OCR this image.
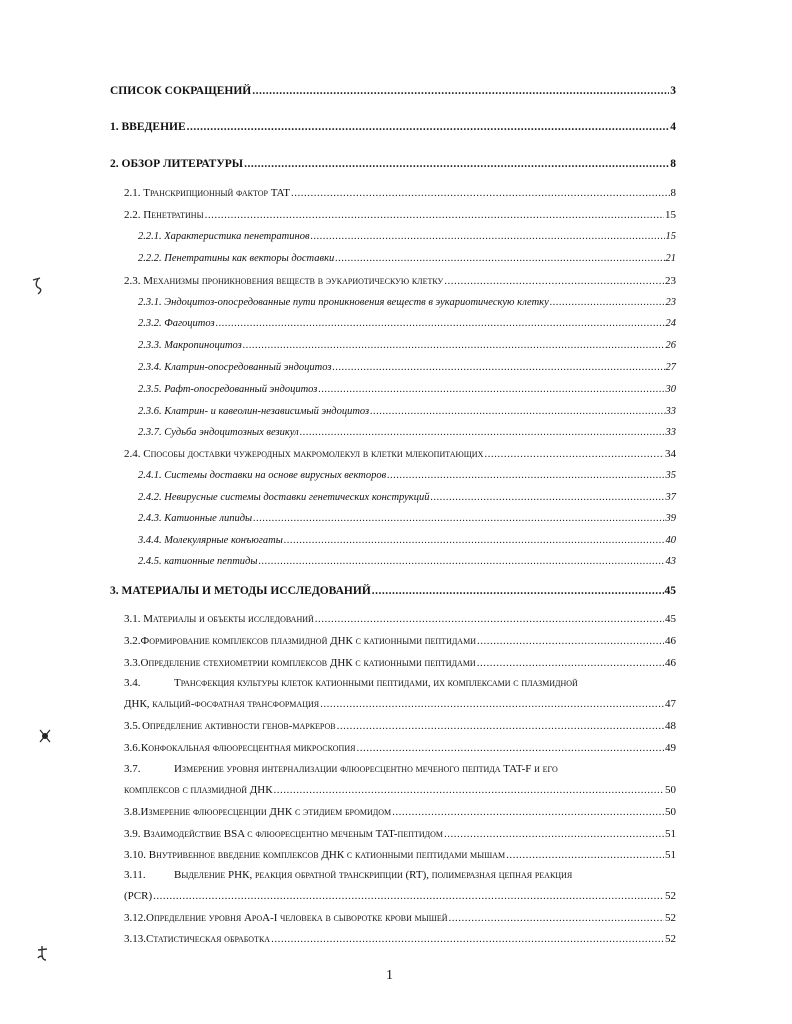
СПИСОК СОКРАЩЕНИЙ .....	3
1. ВВЕДЕНИЕ .....	4
2. ОБЗОР ЛИТЕРАТУРЫ .....	8
2.1. Транскрипционный фактор TAT .....	8
2.2. Пенетратины .....	15
2.2.1. Характеристика пенетратинов .....	15
2.2.2. Пенетратины как векторы доставки .....	21
2.3. Механизмы проникновения веществ в эукариотическую клетку .....	23
2.3.1. Эндоцитоз-опосредованные пути проникновения веществ в эукариотическую клетку .....	23
2.3.2. Фагоцитоз .....	24
2.3.3. Макропиноцитоз .....	26
2.3.4. Клатрин-опосредованный эндоцитоз .....	27
2.3.5. Рафт-опосредованный эндоцитоз .....	30
2.3.6. Клатрин- и кавеолин-независимый эндоцитоз .....	33
2.3.7. Судьба эндоцитозных везикул .....	33
2.4. Способы доставки чужеродных макромолекул в клетки млекопитающих .....	34
2.4.1. Системы доставки на основе вирусных векторов .....	35
2.4.2. Невирусные системы доставки генетических конструкций .....	37
2.4.3. Катионные липиды .....	39
3.4.4. Молекулярные конъюгаты .....	40
2.4.5. катионные пептиды .....	43
3. МАТЕРИАЛЫ И МЕТОДЫ ИССЛЕДОВАНИЙ .....	45
3.1. Материалы и объекты исследований .....	45
3.2. Формирование комплексов плазмидной ДНК с катионными пептидами .....	46
3.3. Определение стехиометрии комплексов ДНК с катионными пептидами .....	46
3.4.	Трансфекция культуры клеток катионными пептидами, их комплексами с плазмидной
ДНК, кальций-фосфатная трансформация .....	47
3.5. Определение активности генов-маркеров .....	48
3.6. Конфокальная флюоресцентная микроскопия .....	49
3.7.	Измерение уровня интернализации флюоресцентно меченого пептида TAT-F и его
комплексов с плазмидной ДНК .....	50
3.8. Измерение флюоресценции ДНК с этидием бромидом .....	50
3.9. Взаимодействие BSA с флюоресцентно меченым TAT-пептидом .....	51
3.10. Внутривенное введение комплексов ДНК с катионными пептидами мышам .....	51
3.11.	Выделение РНК, реакция обратной транскрипции (RT), полимеразная цепная реакция
(PCR) .....	52
3.12. Определение уровня ApoA-I человека в сыворотке крови мышей .....	52
3.13. Статистическая обработка .....	52
1
